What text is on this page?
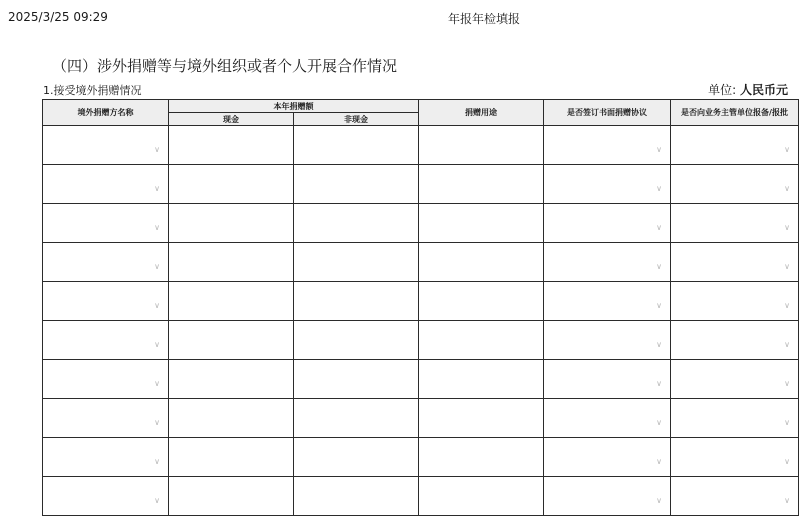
2025/3/25 09:29	年报年检填报
（四）涉外捐赠等与境外组织或者个人开展合作情况
1.接受境外捐赠情况	单位: 人民币元
境外捐赠方名称	本年捐赠额		捐赠用途	是否签订书面捐赠协议	是否向业务主管单位报备/报批
	现金	非现金			

∨				∨	∨

∨				∨	∨

∨				∨	∨

∨				∨	∨

∨				∨	∨

∨				∨	∨

∨				∨	∨

∨				∨	∨

∨				∨	∨

∨				∨	∨
